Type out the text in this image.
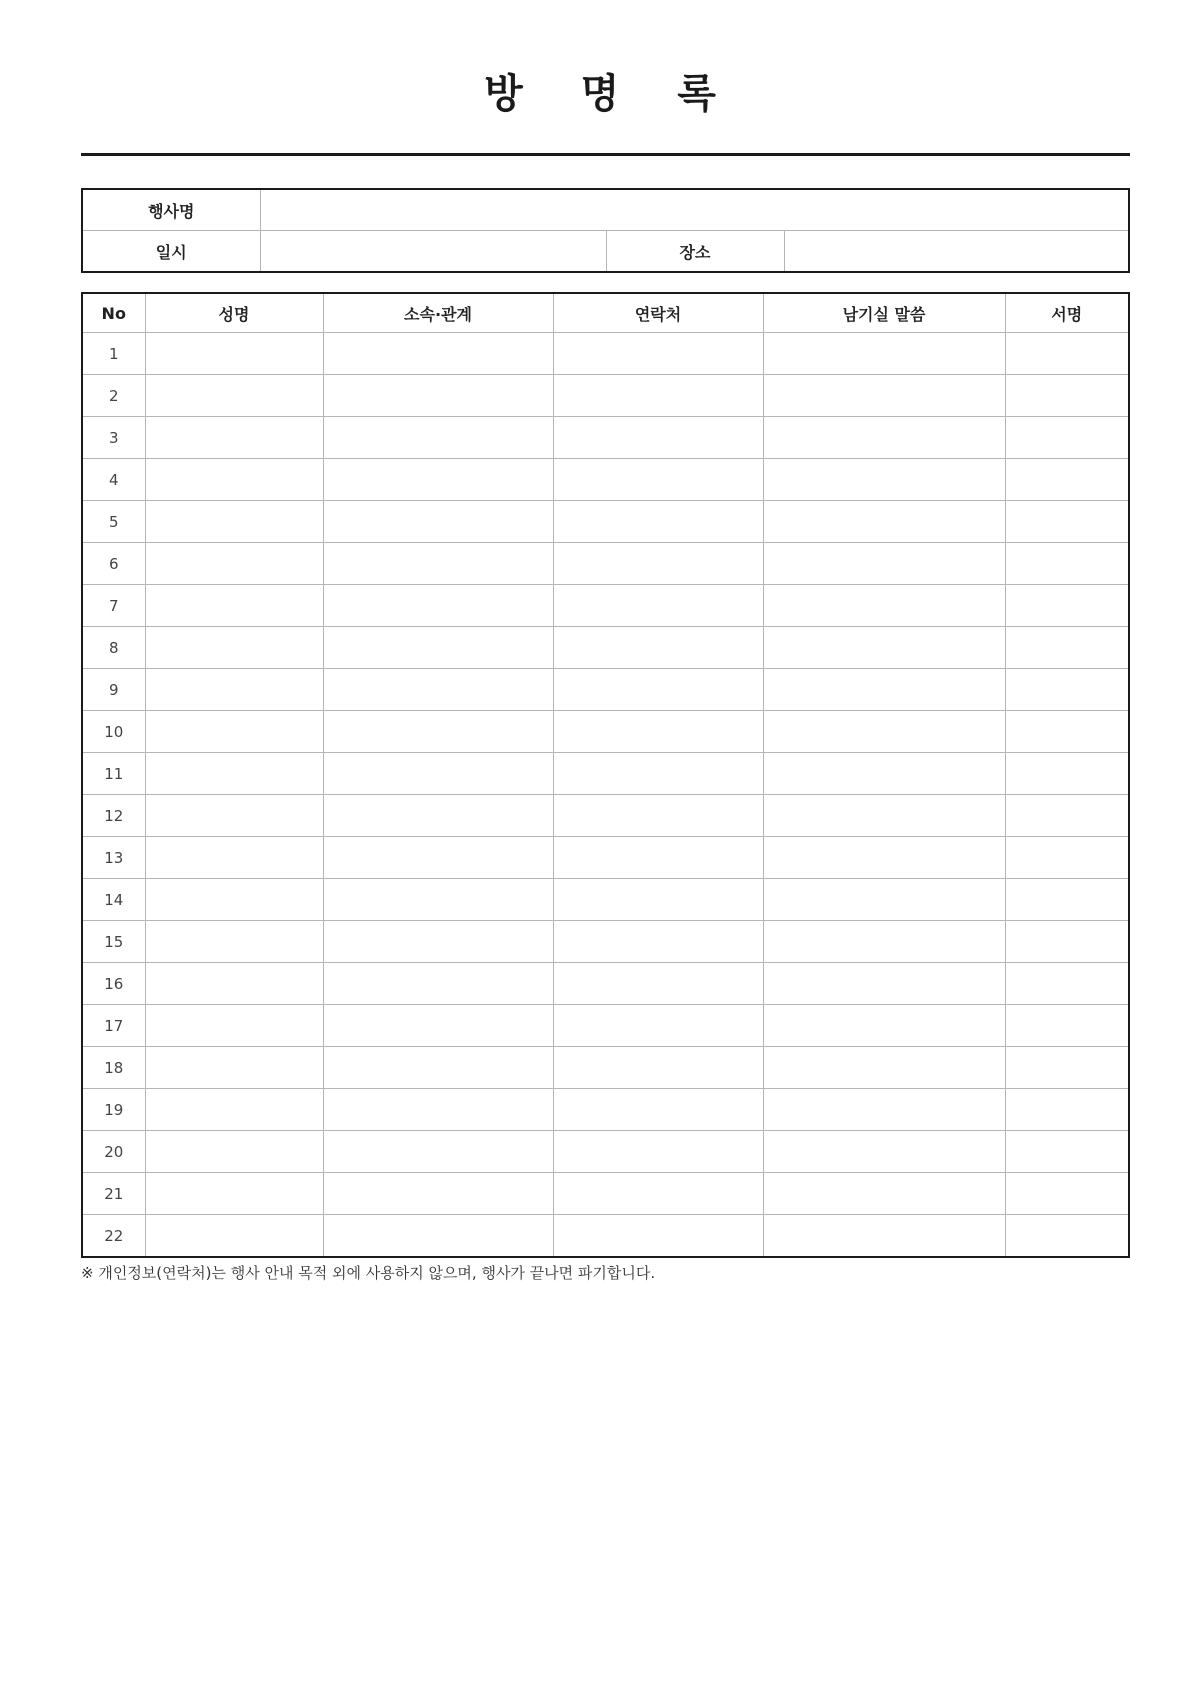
방 명 록
행사명			
일시		장소	
No	성명	소속·관계	연락처	남기실 말씀	서명
1					
2					
3					
4					
5					
6					
7					
8					
9					
10					
11					
12					
13					
14					
15					
16					
17					
18					
19					
20					
21					
22					
※ 개인정보(연락처)는 행사 안내 목적 외에 사용하지 않으며, 행사가 끝나면 파기합니다.
